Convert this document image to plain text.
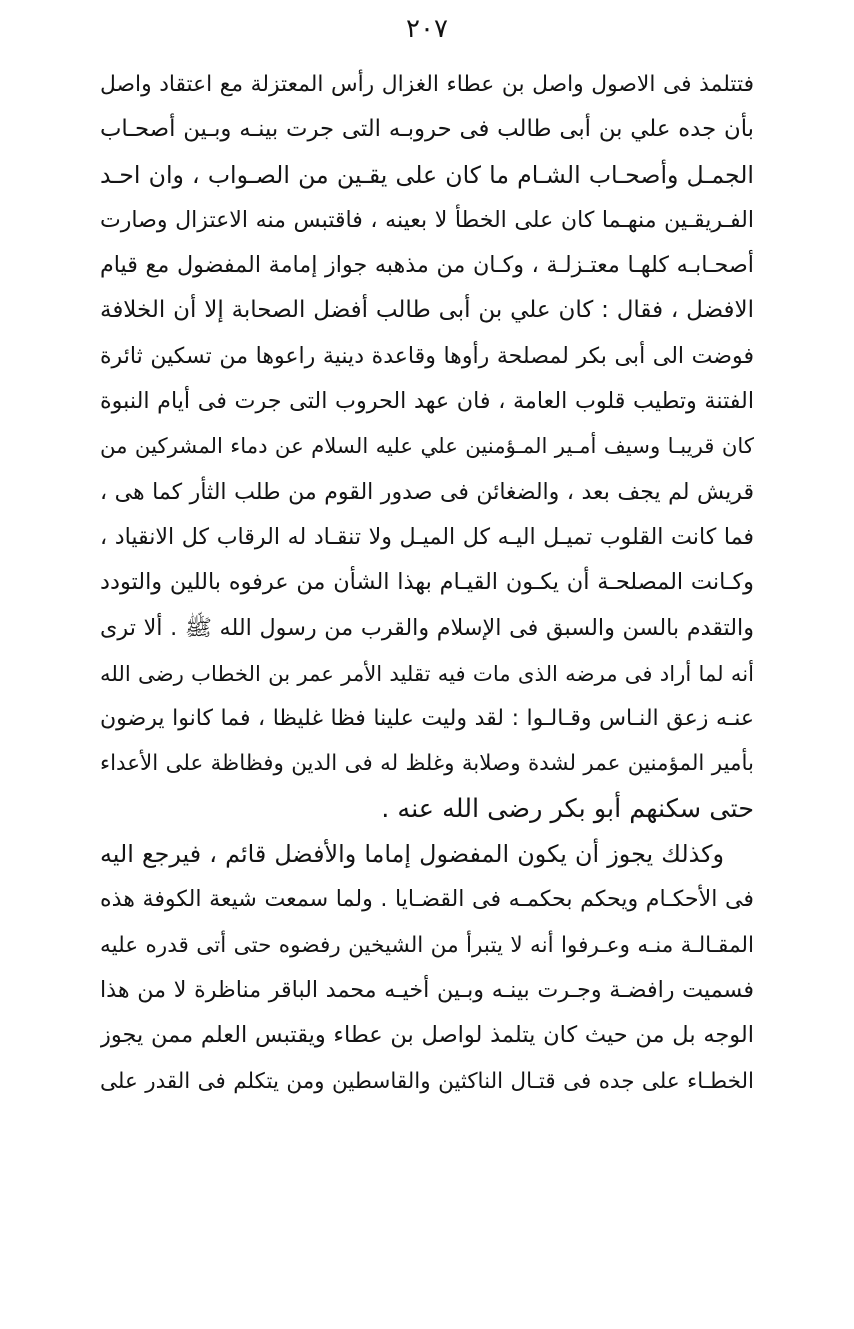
٢٠٧
فتتلمذ فى الاصول واصل بن عطاء الغزال رأس المعتزلة مع اعتقاد واصل
بأن جده علي بن أبى طالب فى حروبـه التى جرت بينـه وبـين أصحـاب
الجمـل وأصحـاب الشـام ما كان على يقـين من الصـواب ، وان احـد
الفـريقـين منهـما كان على الخطأ لا بعينه ، فاقتبس منه الاعتزال وصارت
أصحـابـه كلهـا معتـزلـة ، وكـان من مذهبه جواز إمامة المفضول مع قيام
الافضل ، فقال : كان علي بن أبى طالب أفضل الصحابة إلا أن الخلافة
فوضت الى أبى بكر لمصلحة رأوها وقاعدة دينية راعوها من تسكين ثائرة
الفتنة وتطيب قلوب العامة ، فان عهد الحروب التى جرت فى أيام النبوة
كان قريبـا وسيف أمـير المـؤمنين علي عليه السلام عن دماء المشركين من
قريش لم يجف بعد ، والضغائن فى صدور القوم من طلب الثأر كما هى ،
فما كانت القلوب تميـل اليـه كل الميـل ولا تنقـاد له الرقاب كل الانقياد ،
وكـانت المصلحـة أن يكـون القيـام بهذا الشأن من عرفوه باللين والتودد
والتقدم بالسن والسبق فى الإسلام والقرب من رسول الله ﷺ . ألا ترى
أنه لما أراد فى مرضه الذى مات فيه تقليد الأمر عمر بن الخطاب رضى الله
عنـه زعق النـاس وقـالـوا : لقد وليت علينا فظا غليظا ، فما كانوا يرضون
بأمير المؤمنين عمر لشدة وصلابة وغلظ له فى الدين وفظاظة على الأعداء
حتى سكنهم أبو بكر رضى الله عنه .
وكذلك يجوز أن يكون المفضول إماما والأفضل قائم ، فيرجع اليه
فى الأحكـام ويحكم بحكمـه فى القضـايا . ولما سمعت شيعة الكوفة هذه
المقـالـة منـه وعـرفوا أنه لا يتبرأ من الشيخين رفضوه حتى أتى قدره عليه
فسميت رافضـة وجـرت بينـه وبـين أخيـه محمد الباقر مناظرة لا من هذا
الوجه بل من حيث كان يتلمذ لواصل بن عطاء ويقتبس العلم ممن يجوز
الخطـاء على جده فى قتـال الناكثين والقاسطين ومن يتكلم فى القدر على
